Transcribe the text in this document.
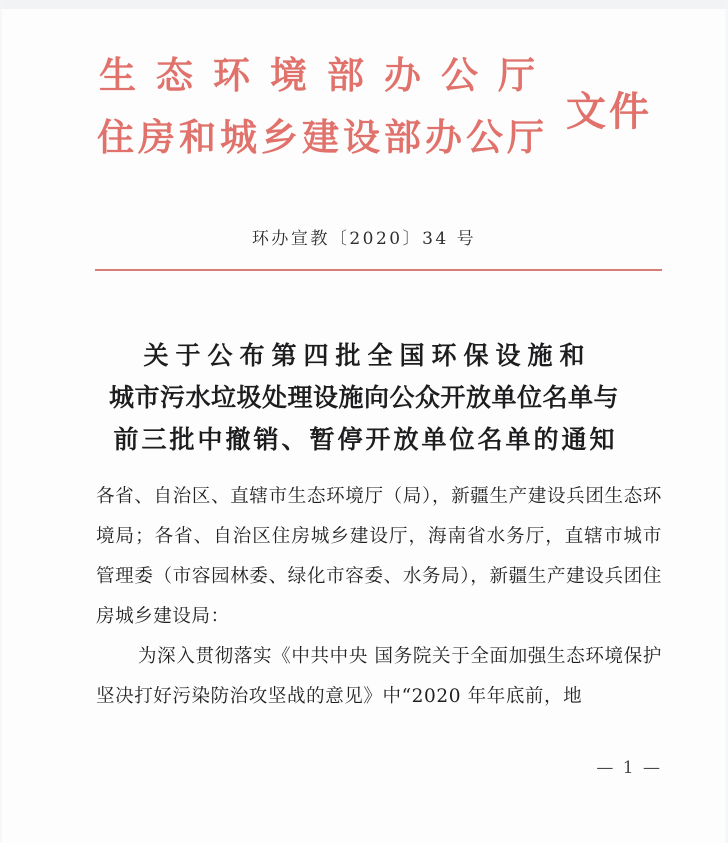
生态环境部办公厅
住房和城乡建设部办公厅
文件
环办宣教〔2020〕34 号
关于公布第四批全国环保设施和
城市污水垃圾处理设施向公众开放单位名单与
前三批中撤销、暂停开放单位名单的通知

各省、自治区、直辖市生态环境厅（局），新疆生产建设兵团生态环境局；各省、自治区住房城乡建设厅，海南省水务厅，直辖市城市管理委（市容园林委、绿化市容委、水务局），新疆生产建设兵团住房城乡建设局：

为深入贯彻落实《中共中央 国务院关于全面加强生态环境保护坚决打好污染防治攻坚战的意见》中“2020 年年底前，地

— 1 —
